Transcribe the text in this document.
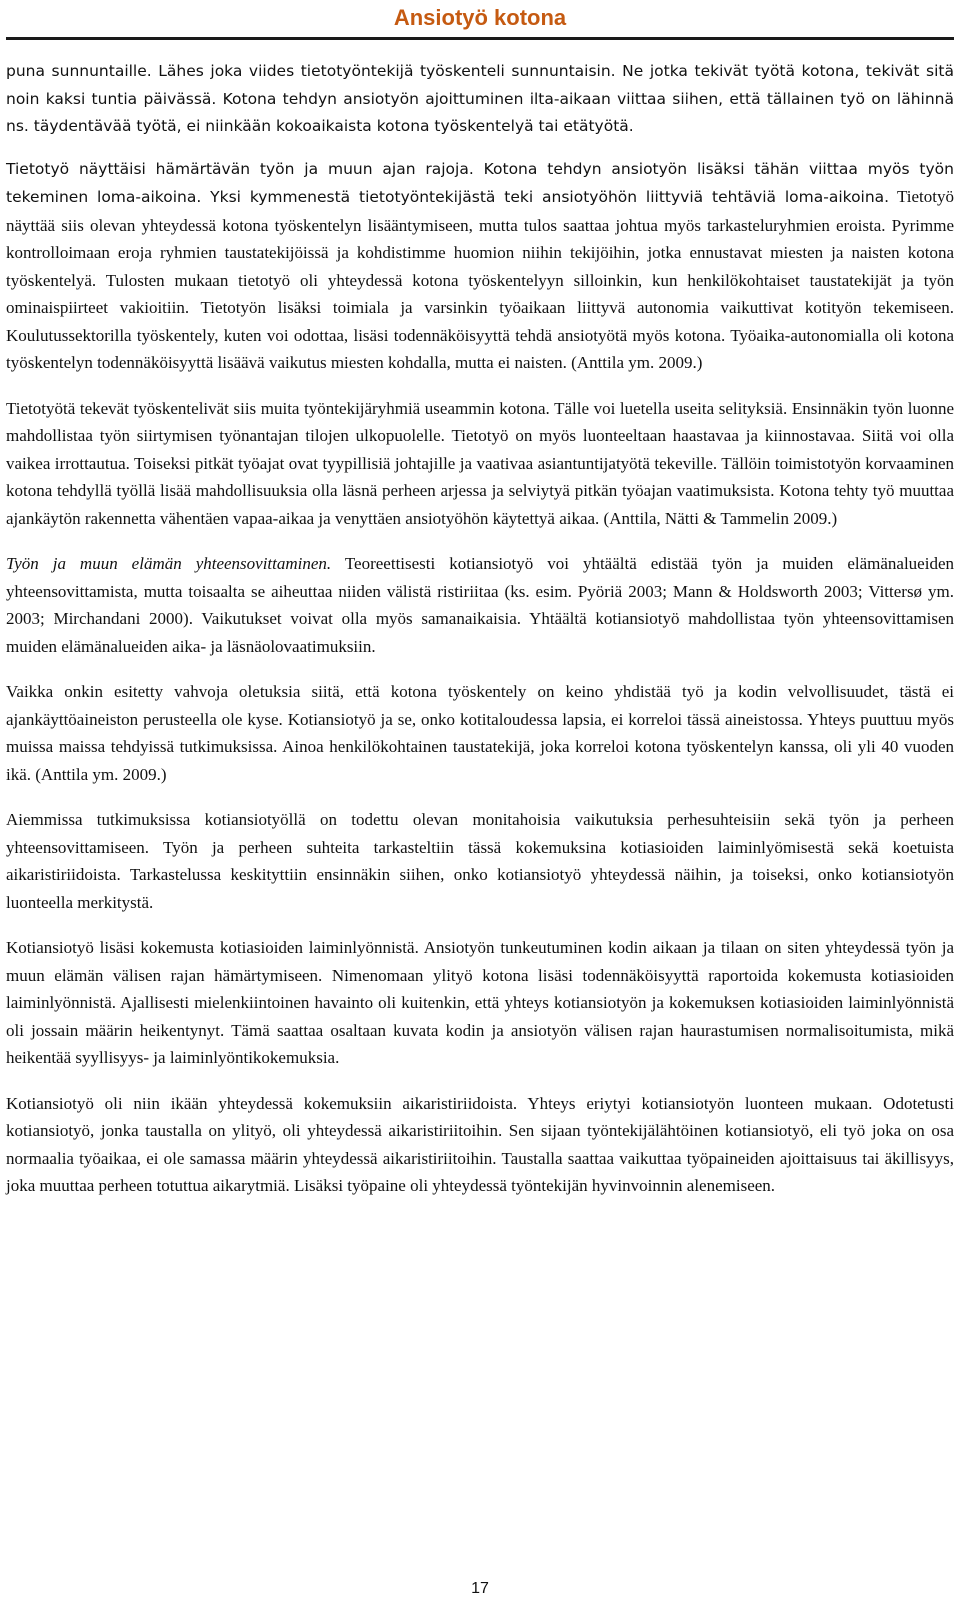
Ansiotyö kotona

puna sunnuntaille. Lähes joka viides tietotyöntekijä työskenteli sunnuntaisin. Ne jotka tekivät työtä kotona, tekivät sitä noin kaksi tuntia päivässä. Kotona tehdyn ansiotyön ajoittuminen ilta-aikaan viittaa siihen, että tällainen työ on lähinnä ns. täydentävää työtä, ei niinkään kokoaikaista kotona työskentelyä tai etätyötä.

Tietotyö näyttäisi hämärtävän työn ja muun ajan rajoja. Kotona tehdyn ansiotyön lisäksi tähän viittaa myös työn tekeminen loma-aikoina. Yksi kymmenestä tietotyöntekijästä teki ansiotyöhön liittyviä tehtäviä loma-aikoina. Tietotyö näyttää siis olevan yhteydessä kotona työskentelyn lisääntymiseen, mutta tulos saattaa johtua myös tarkasteluryhmien eroista. Pyrimme kontrolloimaan eroja ryhmien taustatekijöissä ja kohdistimme huomion niihin tekijöihin, jotka ennustavat miesten ja naisten kotona työskentelyä. Tulosten mukaan tietotyö oli yhteydessä kotona työskentelyyn silloinkin, kun henkilökohtaiset taustatekijät ja työn ominaispiirteet vakioitiin. Tietotyön lisäksi toimiala ja varsinkin työaikaan liittyvä autonomia vaikuttivat kotityön tekemiseen. Koulutussektorilla työskentely, kuten voi odottaa, lisäsi todennäköisyyttä tehdä ansiotyötä myös kotona. Työaika-autonomialla oli kotona työskentelyn todennäköisyyttä lisäävä vaikutus miesten kohdalla, mutta ei naisten. (Anttila ym. 2009.)

Tietotyötä tekevät työskentelivät siis muita työntekijäryhmiä useammin kotona. Tälle voi luetella useita selityksiä. Ensinnäkin työn luonne mahdollistaa työn siirtymisen työnantajan tilojen ulkopuolelle. Tietotyö on myös luonteeltaan haastavaa ja kiinnostavaa. Siitä voi olla vaikea irrottautua. Toiseksi pitkät työajat ovat tyypillisiä johtajille ja vaativaa asiantuntijatyötä tekeville. Tällöin toimistotyön korvaaminen kotona tehdyllä työllä lisää mahdollisuuksia olla läsnä perheen arjessa ja selviytyä pitkän työajan vaatimuksista. Kotona tehty työ muuttaa ajankäytön rakennetta vähentäen vapaa-aikaa ja venyttäen ansiotyöhön käytettyä aikaa. (Anttila, Nätti & Tammelin 2009.)

Työn ja muun elämän yhteensovittaminen. Teoreettisesti kotiansiotyö voi yhtäältä edistää työn ja muiden elämänalueiden yhteensovittamista, mutta toisaalta se aiheuttaa niiden välistä ristiriitaa (ks. esim. Pyöriä 2003; Mann & Holdsworth 2003; Vittersø ym. 2003; Mirchandani 2000). Vaikutukset voivat olla myös samanaikaisia. Yhtäältä kotiansiotyö mahdollistaa työn yhteensovittamisen muiden elämänalueiden aika- ja läsnäolovaatimuksiin.

Vaikka onkin esitetty vahvoja oletuksia siitä, että kotona työskentely on keino yhdistää työ ja kodin velvollisuudet, tästä ei ajankäyttöaineiston perusteella ole kyse. Kotiansiotyö ja se, onko kotitaloudessa lapsia, ei korreloi tässä aineistossa. Yhteys puuttuu myös muissa maissa tehdyissä tutkimuksissa. Ainoa henkilökohtainen taustatekijä, joka korreloi kotona työskentelyn kanssa, oli yli 40 vuoden ikä. (Anttila ym. 2009.)

Aiemmissa tutkimuksissa kotiansiotyöllä on todettu olevan monitahoisia vaikutuksia perhesuhteisiin sekä työn ja perheen yhteensovittamiseen. Työn ja perheen suhteita tarkasteltiin tässä kokemuksina kotiasioiden laiminlyömisestä sekä koetuista aikaristiriidoista. Tarkastelussa keskityttiin ensinnäkin siihen, onko kotiansiotyö yhteydessä näihin, ja toiseksi, onko kotiansiotyön luonteella merkitystä.

Kotiansiotyö lisäsi kokemusta kotiasioiden laiminlyönnistä. Ansiotyön tunkeutuminen kodin aikaan ja tilaan on siten yhteydessä työn ja muun elämän välisen rajan hämärtymiseen. Nimenomaan ylityö kotona lisäsi todennäköisyyttä raportoida kokemusta kotiasioiden laiminlyönnistä. Ajallisesti mielenkiintoinen havainto oli kuitenkin, että yhteys kotiansiotyön ja kokemuksen kotiasioiden laiminlyönnistä oli jossain määrin heikentynyt. Tämä saattaa osaltaan kuvata kodin ja ansiotyön välisen rajan haurastumisen normalisoitumista, mikä heikentää syyllisyys- ja laiminlyöntikokemuksia.

Kotiansiotyö oli niin ikään yhteydessä kokemuksiin aikaristiriidoista. Yhteys eriytyi kotiansiotyön luonteen mukaan. Odotetusti kotiansiotyö, jonka taustalla on ylityö, oli yhteydessä aikaristiriitoihin. Sen sijaan työntekijälähtöinen kotiansiotyö, eli työ joka on osa normaalia työaikaa, ei ole samassa määrin yhteydessä aikaristiriitoihin. Taustalla saattaa vaikuttaa työpaineiden ajoittaisuus tai äkillisyys, joka muuttaa perheen totuttua aikarytmiä. Lisäksi työpaine oli yhteydessä työntekijän hyvinvoinnin alenemiseen.

17
